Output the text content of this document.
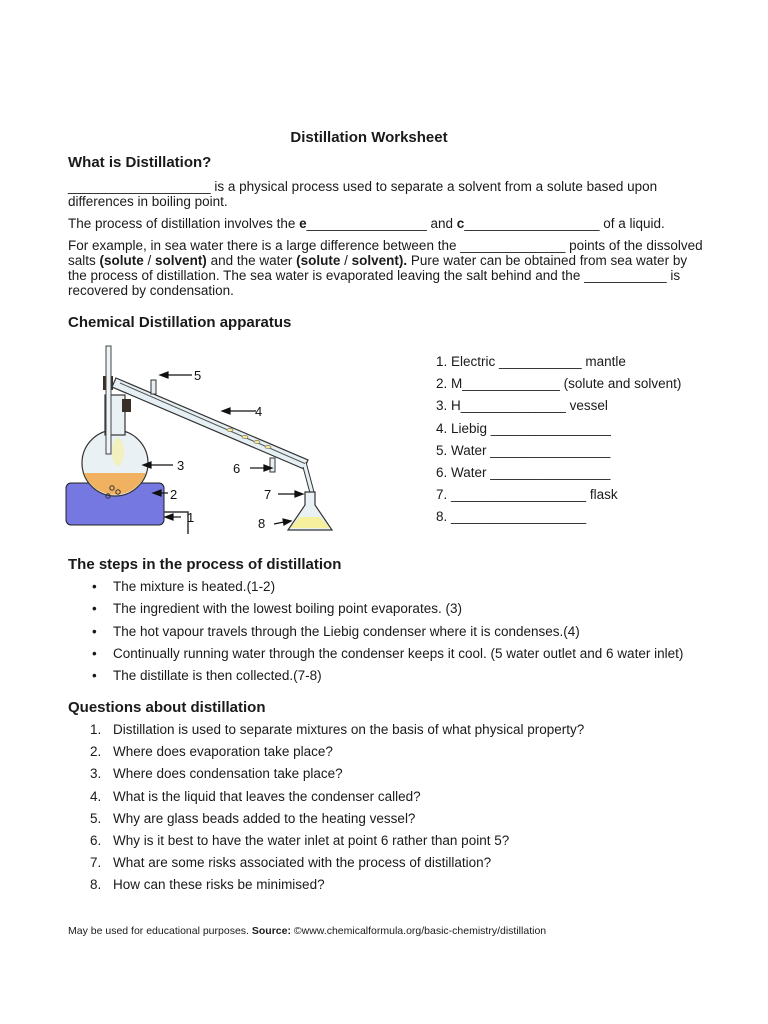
Distillation Worksheet
What is Distillation?
___________________ is a physical process used to separate a solvent from a solute based upon differences in boiling point.
The process of distillation involves the e________________ and c__________________ of a liquid.
For example, in sea water there is a large difference between the ______________ points of the dissolved salts (solute / solvent) and the water (solute / solvent). Pure water can be obtained from sea water by the process of distillation. The sea water is evaporated leaving the salt behind and the ___________ is recovered by condensation.
Chemical Distillation apparatus
1
2
3
4
5
6
7
8
1. Electric ___________ mantle
2. M_____________ (solute and solvent)
3. H______________ vessel
4. Liebig ________________
5. Water ________________
6. Water ________________
7. __________________ flask
8. __________________
The steps in the process of distillation
• The mixture is heated.(1-2)
• The ingredient with the lowest boiling point evaporates. (3)
• The hot vapour travels through the Liebig condenser where it is condenses.(4)
• Continually running water through the condenser keeps it cool. (5 water outlet and 6 water inlet)
• The distillate is then collected.(7-8)
Questions about distillation
1. Distillation is used to separate mixtures on the basis of what physical property?
2. Where does evaporation take place?
3. Where does condensation take place?
4. What is the liquid that leaves the condenser called?
5. Why are glass beads added to the heating vessel?
6. Why is it best to have the water inlet at point 6 rather than point 5?
7. What are some risks associated with the process of distillation?
8. How can these risks be minimised?
May be used for educational purposes. Source: ©www.chemicalformula.org/basic-chemistry/distillation
